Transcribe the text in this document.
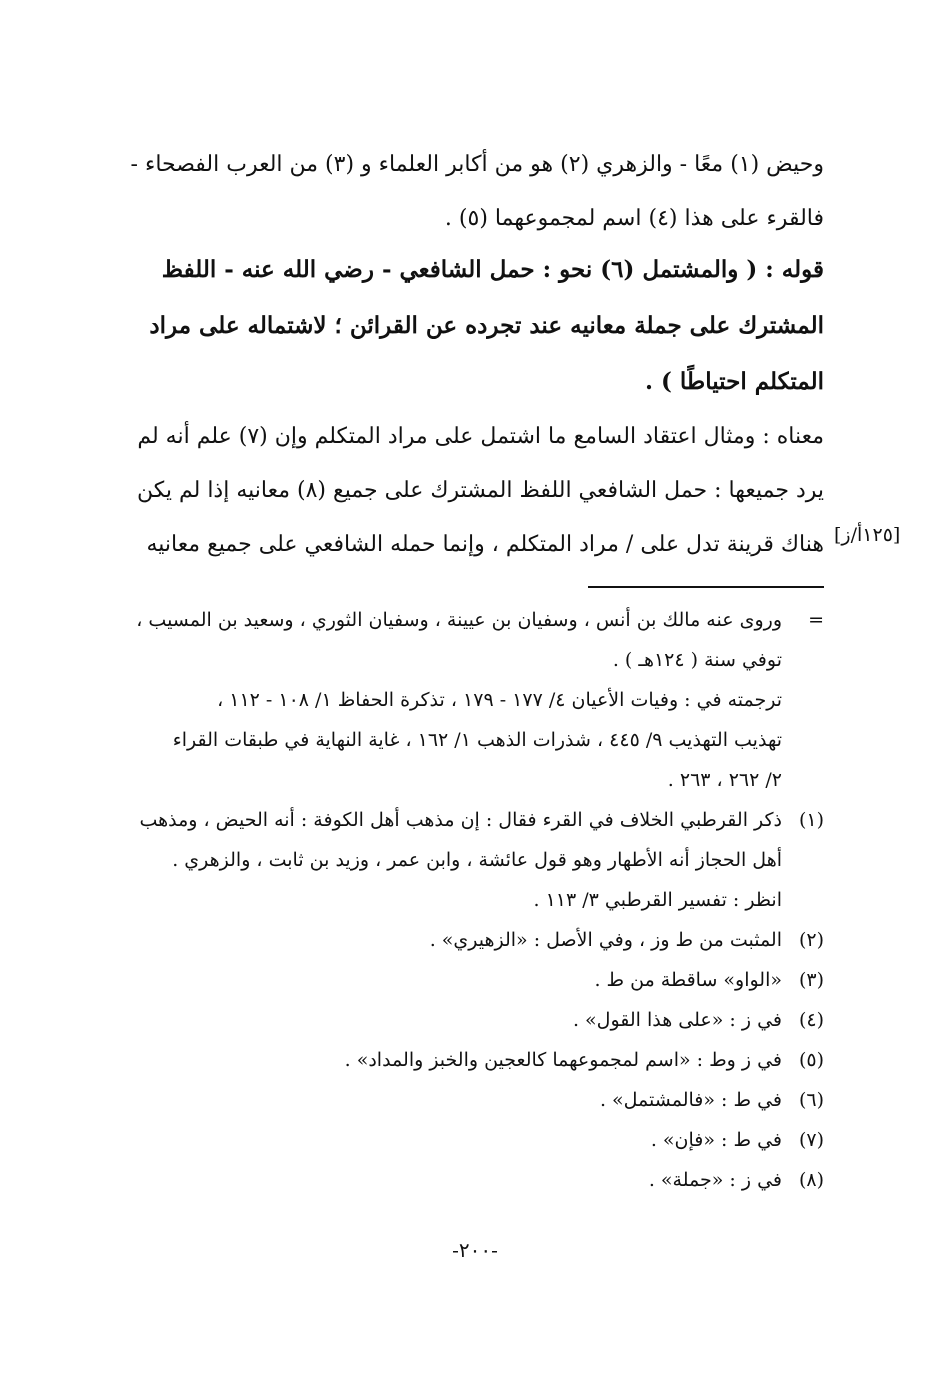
وحيض (١) معًا - والزهري (٢) هو من أكابر العلماء و (٣) من العرب الفصحاء -
فالقرء على هذا (٤) اسم لمجموعهما (٥) .
قوله : ( والمشتمل (٦) نحو : حمل الشافعي - رضي الله عنه - اللفظ
المشترك على جملة معانيه عند تجرده عن القرائن ؛ لاشتماله على مراد
المتكلم احتياطًا ) .
معناه : ومثال اعتقاد السامع ما اشتمل على مراد المتكلم وإن (٧) علم أنه لم
يرد جميعها : حمل الشافعي اللفظ المشترك على جميع (٨) معانيه إذا لم يكن
هناك قرينة تدل على / مراد المتكلم ، وإنما حمله الشافعي على جميع معانيه [١٢٥أ/ز]
=
وروى عنه مالك بن أنس ، وسفيان بن عيينة ، وسفيان الثوري ، وسعيد بن المسيب ،
توفي سنة ( ١٢٤هـ ) .
ترجمته في : وفيات الأعيان ٤/ ١٧٧ - ١٧٩ ، تذكرة الحفاظ ١/ ١٠٨ - ١١٢ ،
تهذيب التهذيب ٩/ ٤٤٥ ، شذرات الذهب ١/ ١٦٢ ، غاية النهاية في طبقات القراء
٢/ ٢٦٢ ، ٢٦٣ .
(١)
ذكر القرطبي الخلاف في القرء فقال : إن مذهب أهل الكوفة : أنه الحيض ، ومذهب
أهل الحجاز أنه الأطهار وهو قول عائشة ، وابن عمر ، وزيد بن ثابت ، والزهري .
انظر : تفسير القرطبي ٣/ ١١٣ .
(٢)
المثبت من ط وز ، وفي الأصل : «الزهيري» .
(٣)
«الواو» ساقطة من ط .
(٤)
في ز : «على هذا القول» .
(٥)
في ز وط : «اسم لمجموعهما كالعجين والخبز والمداد» .
(٦)
في ط : «فالمشتمل» .
(٧)
في ط : «فإن» .
(٨)
في ز : «جملة» .
-٢٠٠-
